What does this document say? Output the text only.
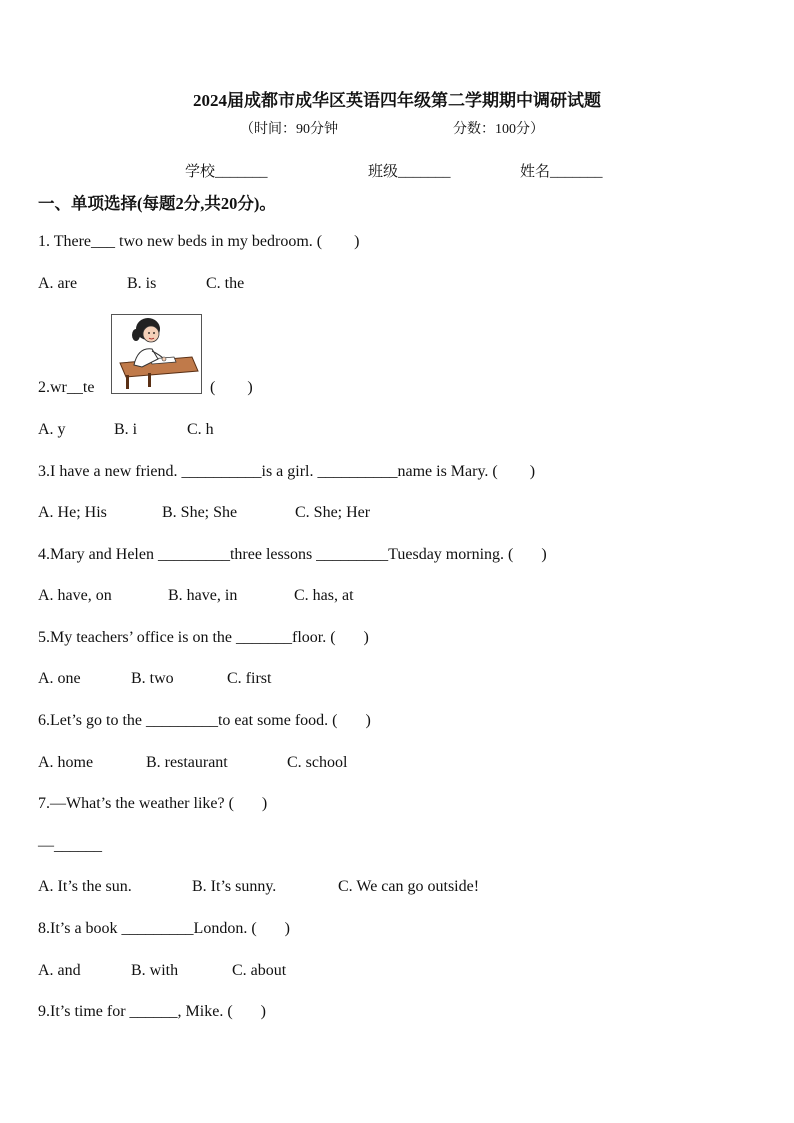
2024届成都市成华区英语四年级第二学期期中调研试题
（时间：90分钟	分数：100分）
学校_______	班级_______	姓名_______
一、单项选择(每题2分,共20分)。
1. There___ two new beds in my bedroom. (        )
A. are	B. is	C. the
2.wr__te	(        )
A. y	B. i	C. h
3.I have a new friend. __________is a girl. __________name is Mary. (        )
A. He; His	B. She; She	C. She; Her
4.Mary and Helen _________three lessons _________Tuesday morning. (       )
A. have, on	B. have, in	C. has, at
5.My teachers’ office is on the _______floor. (       )
A. one	B. two	C. first
6.Let’s go to the _________to eat some food. (       )
A. home	B. restaurant	C. school
7.—What’s the weather like? (       )
—______
A. It’s the sun.	B. It’s sunny.	C. We can go outside!
8.It’s a book _________London. (       )
A. and	B. with	C. about
9.It’s time for ______, Mike. (       )
